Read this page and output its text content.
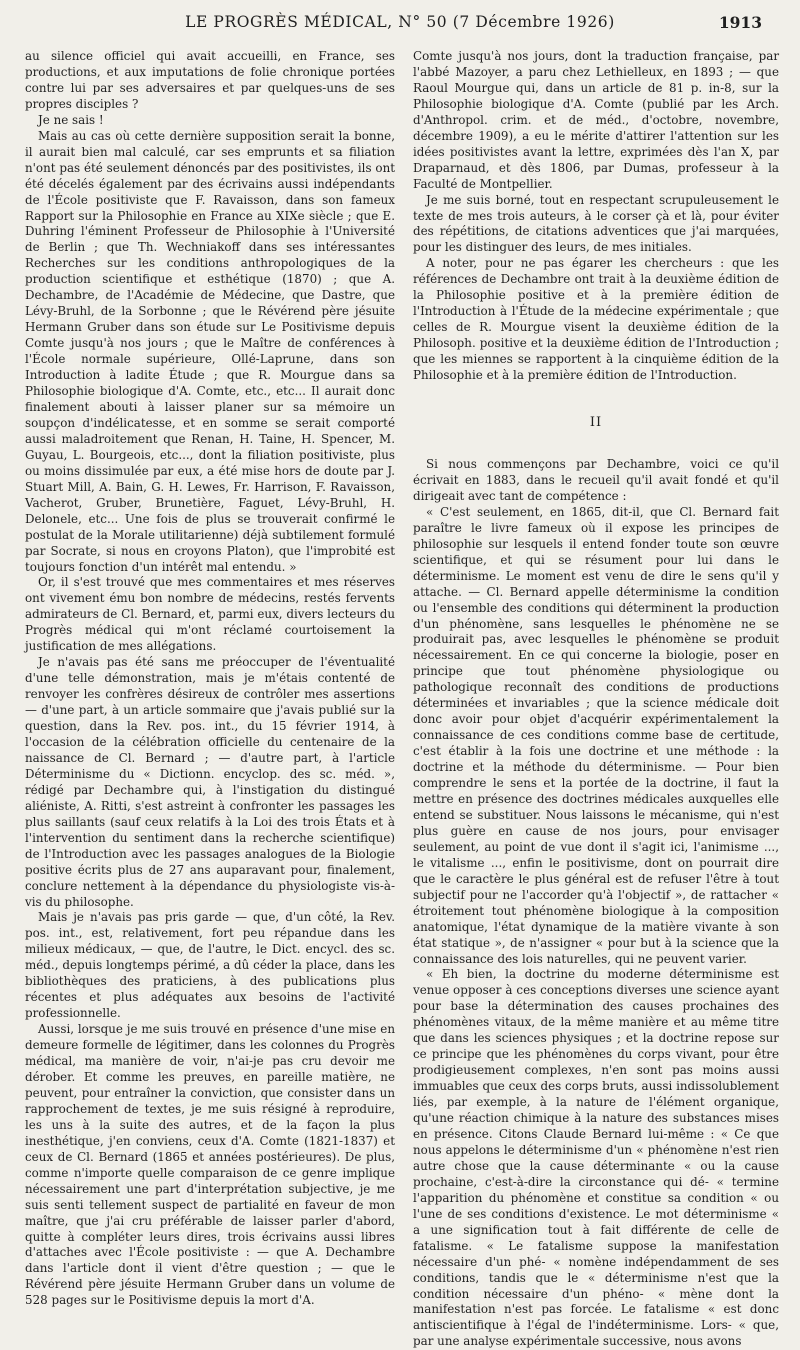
LE PROGRÈS MÉDICAL, N° 50 (7 Décembre 1926)	1913

au silence officiel qui avait accueilli, en France, ses productions, et aux imputations de folie chronique portées contre lui par ses adversaires et par quelques-uns de ses propres disciples ?

Je ne sais !

Mais au cas où cette dernière supposition serait la bonne, il aurait bien mal calculé, car ses emprunts et sa filiation n'ont pas été seulement dénoncés par des positivistes, ils ont été décelés également par des écrivains aussi indépendants de l'École positiviste que F. Ravaisson, dans son fameux Rapport sur la Philosophie en France au XIXe siècle ; que E. Duhring l'éminent Professeur de Philosophie à l'Université de Berlin ; que Th. Wechniakoff dans ses intéressantes Recherches sur les conditions anthropologiques de la production scientifique et esthétique (1870) ; que A. Dechambre, de l'Académie de Médecine, que Dastre, que Lévy-Bruhl, de la Sorbonne ; que le Révérend père jésuite Hermann Gruber dans son étude sur Le Positivisme depuis Comte jusqu'à nos jours ; que le Maître de conférences à l'École normale supérieure, Ollé-Laprune, dans son Introduction à ladite Étude ; que R. Mourgue dans sa Philosophie biologique d'A. Comte, etc., etc... Il aurait donc finalement abouti à laisser planer sur sa mémoire un soupçon d'indélicatesse, et en somme se serait comporté aussi maladroitement que Renan, H. Taine, H. Spencer, M. Guyau, L. Bourgeois, etc..., dont la filiation positiviste, plus ou moins dissimulée par eux, a été mise hors de doute par J. Stuart Mill, A. Bain, G. H. Lewes, Fr. Harrison, F. Ravaisson, Vacherot, Gruber, Brunetière, Faguet, Lévy-Bruhl, H. Delonele, etc... Une fois de plus se trouverait confirmé le postulat de la Morale utilitarienne) déjà subtilement formulé par Socrate, si nous en croyons Platon), que l'improbité est toujours fonction d'un intérêt mal entendu. »

Or, il s'est trouvé que mes commentaires et mes réserves ont vivement ému bon nombre de médecins, restés fervents admirateurs de Cl. Bernard, et, parmi eux, divers lecteurs du Progrès médical qui m'ont réclamé courtoisement la justification de mes allégations.

Je n'avais pas été sans me préoccuper de l'éventualité d'une telle démonstration, mais je m'étais contenté de renvoyer les confrères désireux de contrôler mes assertions — d'une part, à un article sommaire que j'avais publié sur la question, dans la Rev. pos. int., du 15 février 1914, à l'occasion de la célébration officielle du centenaire de la naissance de Cl. Bernard ; — d'autre part, à l'article Déterminisme du « Dictionn. encyclop. des sc. méd. », rédigé par Dechambre qui, à l'instigation du distingué aliéniste, A. Ritti, s'est astreint à confronter les passages les plus saillants (sauf ceux relatifs à la Loi des trois États et à l'intervention du sentiment dans la recherche scientifique) de l'Introduction avec les passages analogues de la Biologie positive écrits plus de 27 ans auparavant pour, finalement, conclure nettement à la dépendance du physiologiste vis-à-vis du philosophe.

Mais je n'avais pas pris garde — que, d'un côté, la Rev. pos. int., est, relativement, fort peu répandue dans les milieux médicaux, — que, de l'autre, le Dict. encycl. des sc. méd., depuis longtemps périmé, a dû céder la place, dans les bibliothèques des praticiens, à des publications plus récentes et plus adéquates aux besoins de l'activité professionnelle.

Aussi, lorsque je me suis trouvé en présence d'une mise en demeure formelle de légitimer, dans les colonnes du Progrès médical, ma manière de voir, n'ai-je pas cru devoir me dérober. Et comme les preuves, en pareille matière, ne peuvent, pour entraîner la conviction, que consister dans un rapprochement de textes, je me suis résigné à reproduire, les uns à la suite des autres, et de la façon la plus inesthétique, j'en conviens, ceux d'A. Comte (1821-1837) et ceux de Cl. Bernard (1865 et années postérieures). De plus, comme n'importe quelle comparaison de ce genre implique nécessairement une part d'interprétation subjective, je me suis senti tellement suspect de partialité en faveur de mon maître, que j'ai cru préférable de laisser parler d'abord, quitte à compléter leurs dires, trois écrivains aussi libres d'attaches avec l'École positiviste : — que A. Dechambre dans l'article dont il vient d'être question ; — que le Révérend père jésuite Hermann Gruber dans un volume de 528 pages sur le Positivisme depuis la mort d'A.

Comte jusqu'à nos jours, dont la traduction française, par l'abbé Mazoyer, a paru chez Lethielleux, en 1893 ; — que Raoul Mourgue qui, dans un article de 81 p. in-8, sur la Philosophie biologique d'A. Comte (publié par les Arch. d'Anthropol. crim. et de méd., d'octobre, novembre, décembre 1909), a eu le mérite d'attirer l'attention sur les idées positivistes avant la lettre, exprimées dès l'an X, par Draparnaud, et dès 1806, par Dumas, professeur à la Faculté de Montpellier.

Je me suis borné, tout en respectant scrupuleusement le texte de mes trois auteurs, à le corser çà et là, pour éviter des répétitions, de citations adventices que j'ai marquées, pour les distinguer des leurs, de mes initiales.

A noter, pour ne pas égarer les chercheurs : que les références de Dechambre ont trait à la deuxième édition de la Philosophie positive et à la première édition de l'Introduction à l'Étude de la médecine expérimentale ; que celles de R. Mourgue visent la deuxième édition de la Philosoph. positive et la deuxième édition de l'Introduction ; que les miennes se rapportent à la cinquième édition de la Philosophie et à la première édition de l'Introduction.

II

Si nous commençons par Dechambre, voici ce qu'il écrivait en 1883, dans le recueil qu'il avait fondé et qu'il dirigeait avec tant de compétence :

« C'est seulement, en 1865, dit-il, que Cl. Bernard fait paraître le livre fameux où il expose les principes de philosophie sur lesquels il entend fonder toute son œuvre scientifique, et qui se résument pour lui dans le déterminisme. Le moment est venu de dire le sens qu'il y attache. — Cl. Bernard appelle déterminisme la condition ou l'ensemble des conditions qui déterminent la production d'un phénomène, sans lesquelles le phénomène ne se produirait pas, avec lesquelles le phénomène se produit nécessairement. En ce qui concerne la biologie, poser en principe que tout phénomène physiologique ou pathologique reconnaît des conditions de productions déterminées et invariables ; que la science médicale doit donc avoir pour objet d'acquérir expérimentalement la connaissance de ces conditions comme base de certitude, c'est établir à la fois une doctrine et une méthode : la doctrine et la méthode du déterminisme. — Pour bien comprendre le sens et la portée de la doctrine, il faut la mettre en présence des doctrines médicales auxquelles elle entend se substituer. Nous laissons le mécanisme, qui n'est plus guère en cause de nos jours, pour envisager seulement, au point de vue dont il s'agit ici, l'animisme ..., le vitalisme ..., enfin le positivisme, dont on pourrait dire que le caractère le plus général est de refuser l'être à tout subjectif pour ne l'accorder qu'à l'objectif », de rattacher « étroitement tout phénomène biologique à la composition anatomique, l'état dynamique de la matière vivante à son état statique », de n'assigner « pour but à la science que la connaissance des lois naturelles, qui ne peuvent varier.

« Eh bien, la doctrine du moderne déterminisme est venue opposer à ces conceptions diverses une science ayant pour base la détermination des causes prochaines des phénomènes vitaux, de la même manière et au même titre que dans les sciences physiques ; et la doctrine repose sur ce principe que les phénomènes du corps vivant, pour être prodigieusement complexes, n'en sont pas moins aussi immuables que ceux des corps bruts, aussi indissolublement liés, par exemple, à la nature de l'élément organique, qu'une réaction chimique à la nature des substances mises en présence. Citons Claude Bernard lui-même : « Ce que nous appelons le déterminisme d'un « phénomène n'est rien autre chose que la cause déterminante « ou la cause prochaine, c'est-à-dire la circonstance qui dé- « termine l'apparition du phénomène et constitue sa condition « ou l'une de ses conditions d'existence. Le mot déterminisme « a une signification tout à fait différente de celle de fatalisme. « Le fatalisme suppose la manifestation nécessaire d'un phé- « nomène indépendamment de ses conditions, tandis que le « déterminisme n'est que la condition nécessaire d'un phéno- « mène dont la manifestation n'est pas forcée. Le fatalisme « est donc antiscientifique à l'égal de l'indéterminisme. Lors- « que, par une analyse expérimentale successive, nous avons
